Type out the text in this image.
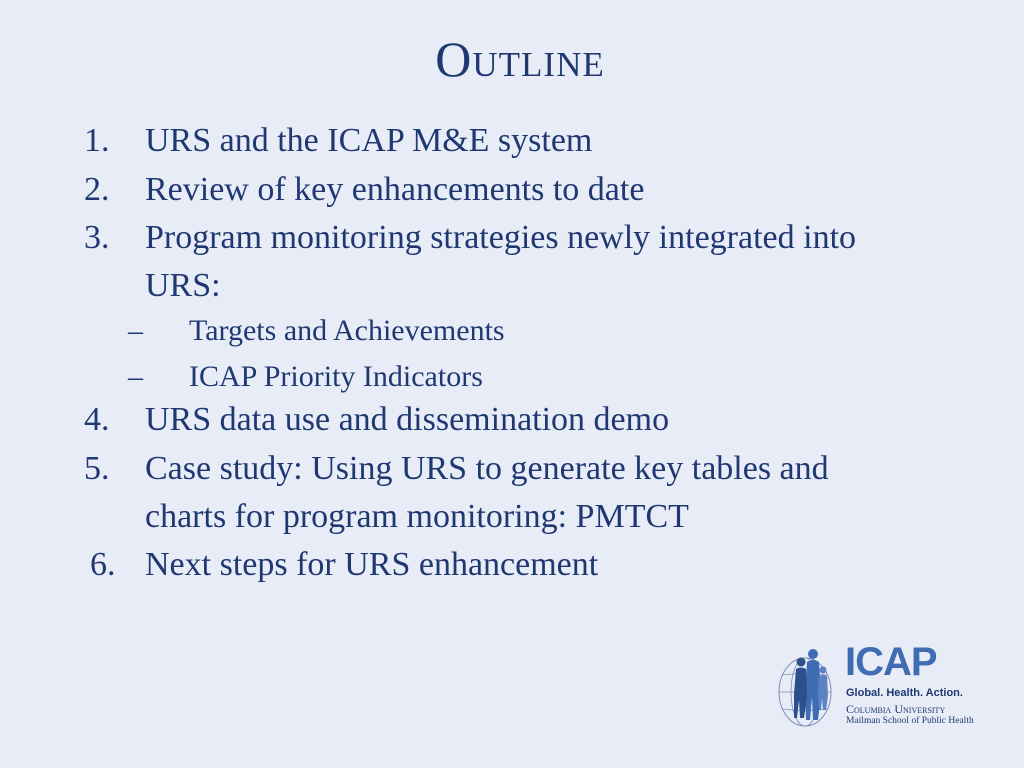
Outline
1.	URS and the ICAP M&E system
2.	Review of key enhancements to date
3.	Program monitoring strategies newly integrated into
URS:
– Targets and Achievements
– ICAP Priority Indicators
4.	URS data use and dissemination demo
5.	Case study: Using URS to generate key tables and
charts for program monitoring: PMTCT
6. Next steps for URS enhancement
ICAP
Global. Health. Action.
Columbia University
Mailman School of Public Health
